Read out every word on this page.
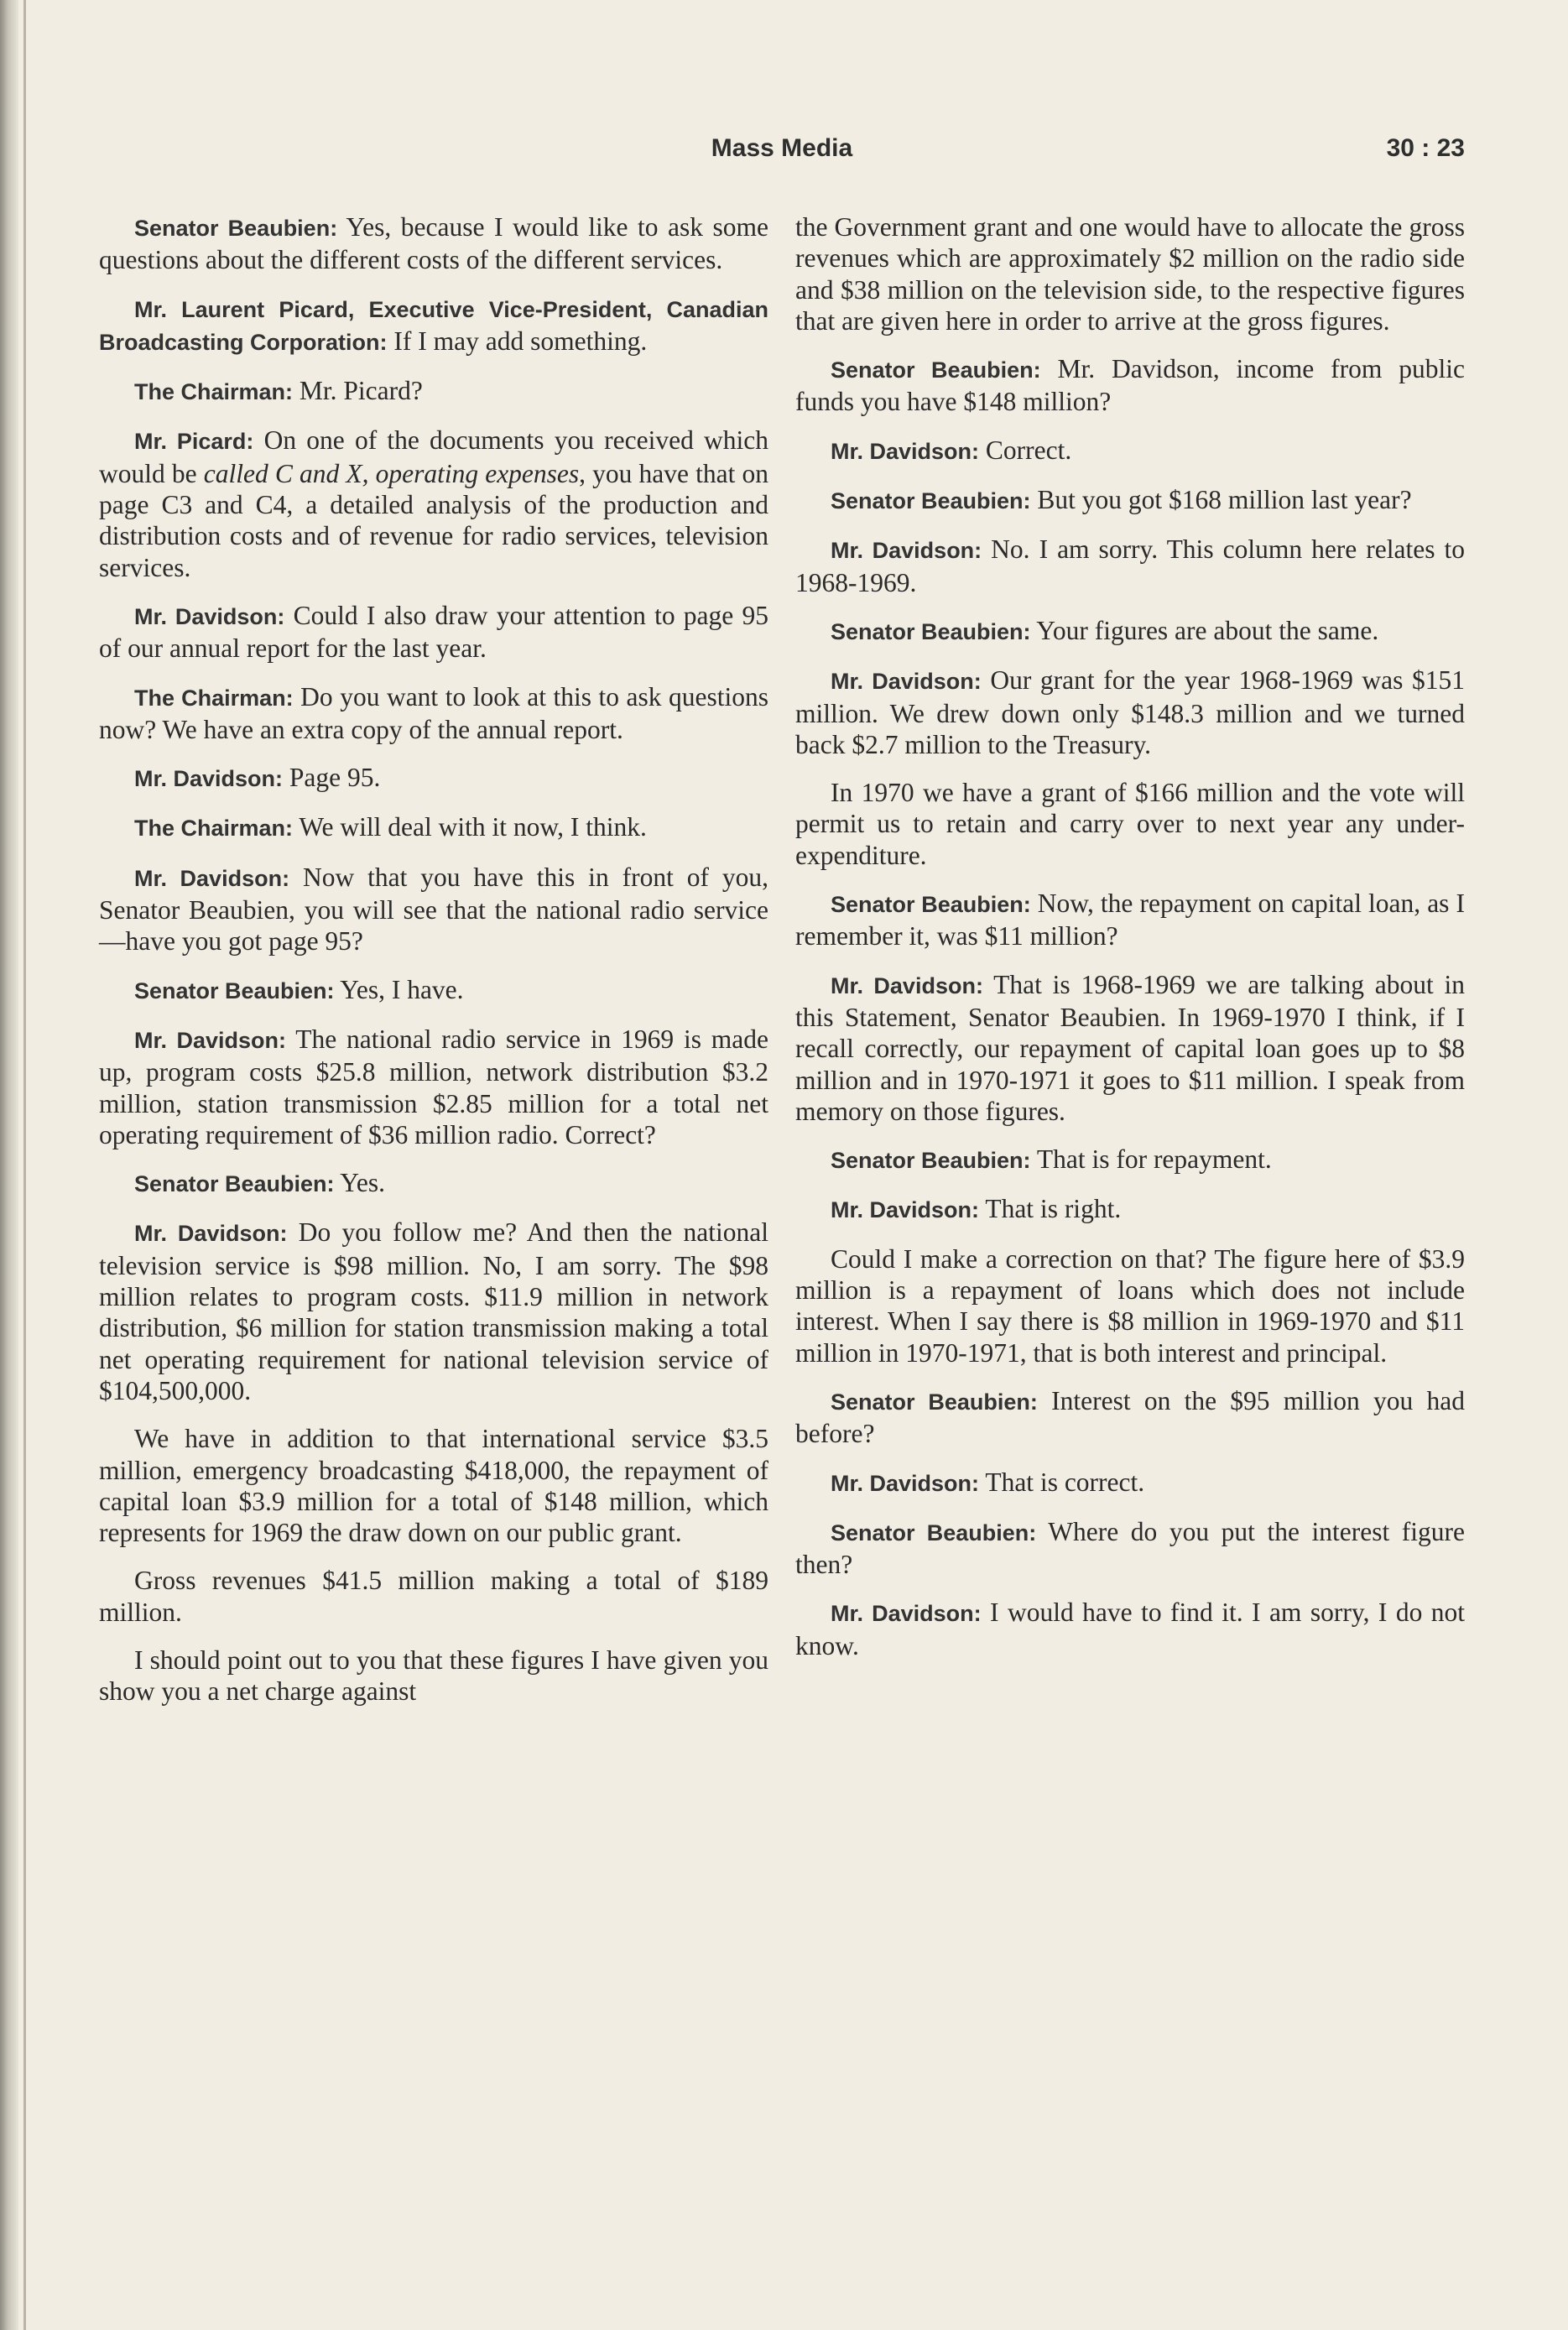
Mass Media	30 : 23

Senator Beaubien: Yes, because I would like to ask some questions about the different costs of the different services.

Mr. Laurent Picard, Executive Vice-President, Canadian Broadcasting Corporation: If I may add something.

The Chairman: Mr. Picard?

Mr. Picard: On one of the documents you received which would be called C and X, operating expenses, you have that on page C3 and C4, a detailed analysis of the production and distribution costs and of revenue for radio services, television services.

Mr. Davidson: Could I also draw your attention to page 95 of our annual report for the last year.

The Chairman: Do you want to look at this to ask questions now? We have an extra copy of the annual report.

Mr. Davidson: Page 95.

The Chairman: We will deal with it now, I think.

Mr. Davidson: Now that you have this in front of you, Senator Beaubien, you will see that the national radio service—have you got page 95?

Senator Beaubien: Yes, I have.

Mr. Davidson: The national radio service in 1969 is made up, program costs $25.8 million, network distribution $3.2 million, station transmission $2.85 million for a total net operating requirement of $36 million radio. Correct?

Senator Beaubien: Yes.

Mr. Davidson: Do you follow me? And then the national television service is $98 million. No, I am sorry. The $98 million relates to program costs. $11.9 million in network distribution, $6 million for station transmission making a total net operating requirement for national television service of $104,500,000.

We have in addition to that international service $3.5 million, emergency broadcasting $418,000, the repayment of capital loan $3.9 million for a total of $148 million, which represents for 1969 the draw down on our public grant.

Gross revenues $41.5 million making a total of $189 million.

I should point out to you that these figures I have given you show you a net charge against

the Government grant and one would have to allocate the gross revenues which are approximately $2 million on the radio side and $38 million on the television side, to the respective figures that are given here in order to arrive at the gross figures.

Senator Beaubien: Mr. Davidson, income from public funds you have $148 million?

Mr. Davidson: Correct.

Senator Beaubien: But you got $168 million last year?

Mr. Davidson: No. I am sorry. This column here relates to 1968-1969.

Senator Beaubien: Your figures are about the same.

Mr. Davidson: Our grant for the year 1968-1969 was $151 million. We drew down only $148.3 million and we turned back $2.7 million to the Treasury.

In 1970 we have a grant of $166 million and the vote will permit us to retain and carry over to next year any under-expenditure.

Senator Beaubien: Now, the repayment on capital loan, as I remember it, was $11 million?

Mr. Davidson: That is 1968-1969 we are talking about in this Statement, Senator Beaubien. In 1969-1970 I think, if I recall correctly, our repayment of capital loan goes up to $8 million and in 1970-1971 it goes to $11 million. I speak from memory on those figures.

Senator Beaubien: That is for repayment.

Mr. Davidson: That is right.

Could I make a correction on that? The figure here of $3.9 million is a repayment of loans which does not include interest. When I say there is $8 million in 1969-1970 and $11 million in 1970-1971, that is both interest and principal.

Senator Beaubien: Interest on the $95 million you had before?

Mr. Davidson: That is correct.

Senator Beaubien: Where do you put the interest figure then?

Mr. Davidson: I would have to find it. I am sorry, I do not know.
